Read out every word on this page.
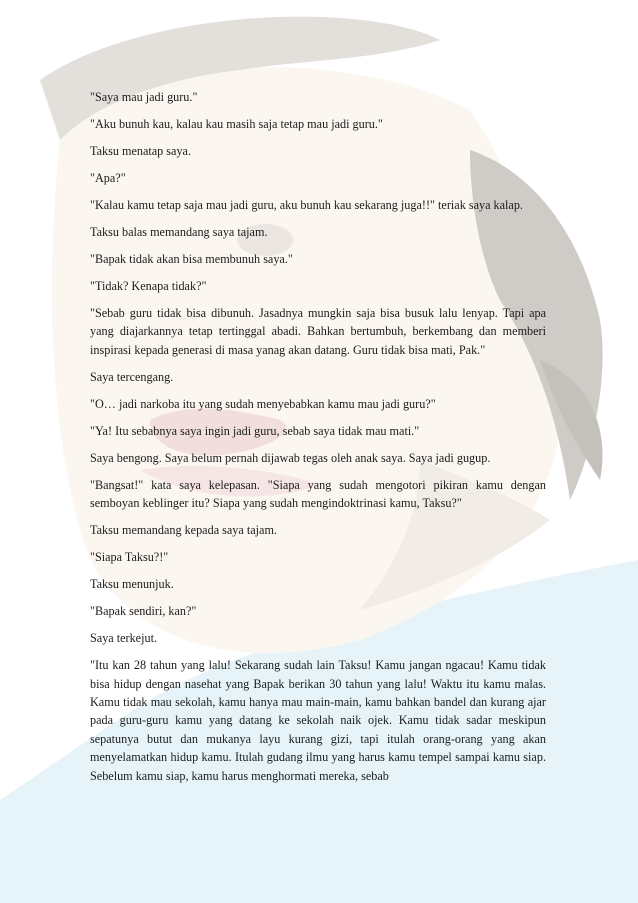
"Saya mau jadi guru."

"Aku bunuh kau, kalau kau masih saja tetap mau jadi guru."

Taksu menatap saya.

"Apa?"

"Kalau kamu tetap saja mau jadi guru, aku bunuh kau sekarang juga!!" teriak saya kalap.

Taksu balas memandang saya tajam.

"Bapak tidak akan bisa membunuh saya."

"Tidak? Kenapa tidak?"

"Sebab guru tidak bisa dibunuh. Jasadnya mungkin saja bisa busuk lalu lenyap. Tapi apa yang diajarkannya tetap tertinggal abadi. Bahkan bertumbuh, berkembang dan memberi inspirasi kepada generasi di masa yanag akan datang. Guru tidak bisa mati, Pak."

Saya tercengang.

"O… jadi narkoba itu yang sudah menyebabkan kamu mau jadi guru?"

"Ya! Itu sebabnya saya ingin jadi guru, sebab saya tidak mau mati."

Saya bengong. Saya belum pernah dijawab tegas oleh anak saya. Saya jadi gugup.

"Bangsat!" kata saya kelepasan. "Siapa yang sudah mengotori pikiran kamu dengan semboyan keblinger itu? Siapa yang sudah mengindoktrinasi kamu, Taksu?"

Taksu memandang kepada saya tajam.

"Siapa Taksu?!"

Taksu menunjuk.

"Bapak sendiri, kan?"

Saya terkejut.

"Itu kan 28 tahun yang lalu! Sekarang sudah lain Taksu! Kamu jangan ngacau! Kamu tidak bisa hidup dengan nasehat yang Bapak berikan 30 tahun yang lalu! Waktu itu kamu malas. Kamu tidak mau sekolah, kamu hanya mau main-main, kamu bahkan bandel dan kurang ajar pada guru-guru kamu yang datang ke sekolah naik ojek. Kamu tidak sadar meskipun sepatunya butut dan mukanya layu kurang gizi, tapi itulah orang-orang yang akan menyelamatkan hidup kamu. Itulah gudang ilmu yang harus kamu tempel sampai kamu siap. Sebelum kamu siap, kamu harus menghormati mereka, sebab
